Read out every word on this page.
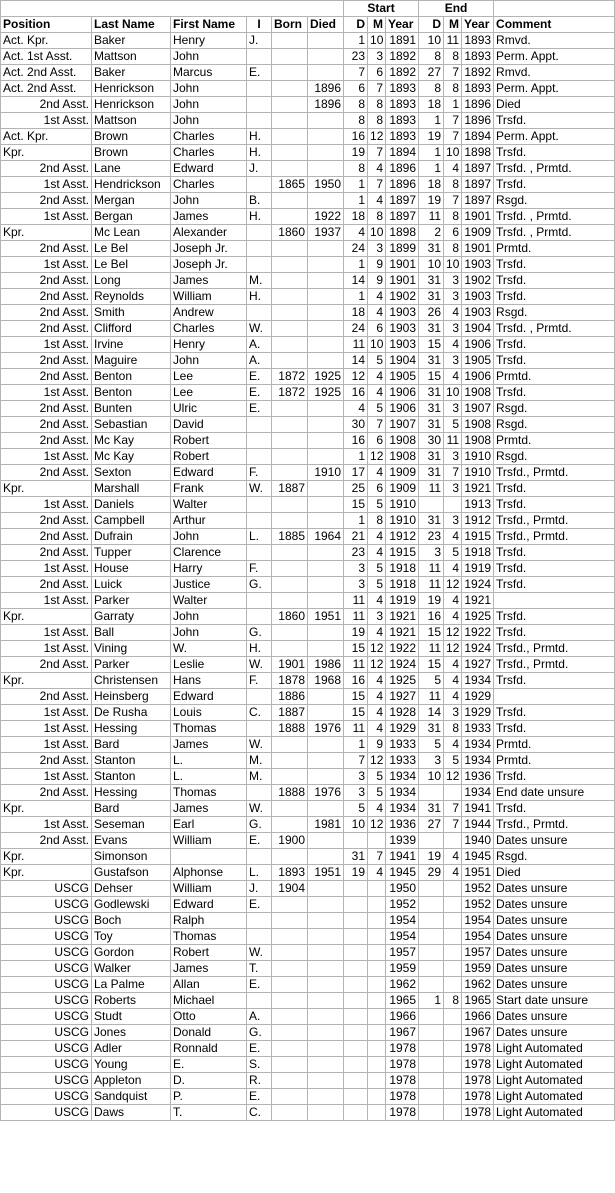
						Start			End			
Position	Last Name	First Name	I	Born	Died	D	M	Year	D	M	Year	Comment
Act. Kpr.	Baker	Henry	J.			1	10	1891	10	11	1893	Rmvd.
Act. 1st Asst.	Mattson	John				23	3	1892	8	8	1893	Perm. Appt.
Act. 2nd Asst.	Baker	Marcus	E.			7	6	1892	27	7	1892	Rmvd.
Act. 2nd Asst.	Henrickson	John			1896	6	7	1893	8	8	1893	Perm. Appt.
2nd Asst.	Henrickson	John			1896	8	8	1893	18	1	1896	Died
1st Asst.	Mattson	John				8	8	1893	1	7	1896	Trsfd.
Act. Kpr.	Brown	Charles	H.			16	12	1893	19	7	1894	Perm. Appt.
Kpr.	Brown	Charles	H.			19	7	1894	1	10	1898	Trsfd.
2nd Asst.	Lane	Edward	J.			8	4	1896	1	4	1897	Trsfd. , Prmtd.
1st Asst.	Hendrickson	Charles		1865	1950	1	7	1896	18	8	1897	Trsfd.
2nd Asst.	Mergan	John	B.			1	4	1897	19	7	1897	Rsgd.
1st Asst.	Bergan	James	H.		1922	18	8	1897	11	8	1901	Trsfd. , Prmtd.
Kpr.	Mc Lean	Alexander		1860	1937	4	10	1898	2	6	1909	Trsfd. , Prmtd.
2nd Asst.	Le Bel	Joseph Jr.				24	3	1899	31	8	1901	Prmtd.
1st Asst.	Le Bel	Joseph Jr.				1	9	1901	10	10	1903	Trsfd.
2nd Asst.	Long	James	M.			14	9	1901	31	3	1902	Trsfd.
2nd Asst.	Reynolds	William	H.			1	4	1902	31	3	1903	Trsfd.
2nd Asst.	Smith	Andrew				18	4	1903	26	4	1903	Rsgd.
2nd Asst.	Clifford	Charles	W.			24	6	1903	31	3	1904	Trsfd. , Prmtd.
1st Asst.	Irvine	Henry	A.			11	10	1903	15	4	1906	Trsfd.
2nd Asst.	Maguire	John	A.			14	5	1904	31	3	1905	Trsfd.
2nd Asst.	Benton	Lee	E.	1872	1925	12	4	1905	15	4	1906	Prmtd.
1st Asst.	Benton	Lee	E.	1872	1925	16	4	1906	31	10	1908	Trsfd.
2nd Asst.	Bunten	Ulric	E.			4	5	1906	31	3	1907	Rsgd.
2nd Asst.	Sebastian	David				30	7	1907	31	5	1908	Rsgd.
2nd Asst.	Mc Kay	Robert				16	6	1908	30	11	1908	Prmtd.
1st Asst.	Mc Kay	Robert				1	12	1908	31	3	1910	Rsgd.
2nd Asst.	Sexton	Edward	F.		1910	17	4	1909	31	7	1910	Trsfd., Prmtd.
Kpr.	Marshall	Frank	W.	1887		25	6	1909	11	3	1921	Trsfd.
1st Asst.	Daniels	Walter				15	5	1910			1913	Trsfd.
2nd Asst.	Campbell	Arthur				1	8	1910	31	3	1912	Trsfd., Prmtd.
2nd Asst.	Dufrain	John	L.	1885	1964	21	4	1912	23	4	1915	Trsfd., Prmtd.
2nd Asst.	Tupper	Clarence				23	4	1915	3	5	1918	Trsfd.
1st Asst.	House	Harry	F.			3	5	1918	11	4	1919	Trsfd.
2nd Asst.	Luick	Justice	G.			3	5	1918	11	12	1924	Trsfd.
1st Asst.	Parker	Walter				11	4	1919	19	4	1921	
Kpr.	Garraty	John		1860	1951	11	3	1921	16	4	1925	Trsfd.
1st Asst.	Ball	John	G.			19	4	1921	15	12	1922	Trsfd.
1st Asst.	Vining	W.	H.			15	12	1922	11	12	1924	Trsfd., Prmtd.
2nd Asst.	Parker	Leslie	W.	1901	1986	11	12	1924	15	4	1927	Trsfd., Prmtd.
Kpr.	Christensen	Hans	F.	1878	1968	16	4	1925	5	4	1934	Trsfd.
2nd Asst.	Heinsberg	Edward		1886		15	4	1927	11	4	1929	
1st Asst.	De Rusha	Louis	C.	1887		15	4	1928	14	3	1929	Trsfd.
1st Asst.	Hessing	Thomas		1888	1976	11	4	1929	31	8	1933	Trsfd.
1st Asst.	Bard	James	W.			1	9	1933	5	4	1934	Prmtd.
2nd Asst.	Stanton	L.	M.			7	12	1933	3	5	1934	Prmtd.
1st Asst.	Stanton	L.	M.			3	5	1934	10	12	1936	Trsfd.
2nd Asst.	Hessing	Thomas		1888	1976	3	5	1934			1934	End date unsure
Kpr.	Bard	James	W.			5	4	1934	31	7	1941	Trsfd.
1st Asst.	Seseman	Earl	G.		1981	10	12	1936	27	7	1944	Trsfd., Prmtd.
2nd Asst.	Evans	William	E.	1900				1939			1940	Dates unsure
Kpr.	Simonson					31	7	1941	19	4	1945	Rsgd.
Kpr.	Gustafson	Alphonse	L.	1893	1951	19	4	1945	29	4	1951	Died
USCG	Dehser	William	J.	1904				1950			1952	Dates unsure
USCG	Godlewski	Edward	E.					1952			1952	Dates unsure
USCG	Boch	Ralph						1954			1954	Dates unsure
USCG	Toy	Thomas						1954			1954	Dates unsure
USCG	Gordon	Robert	W.					1957			1957	Dates unsure
USCG	Walker	James	T.					1959			1959	Dates unsure
USCG	La Palme	Allan	E.					1962			1962	Dates unsure
USCG	Roberts	Michael						1965	1	8	1965	Start date unsure
USCG	Studt	Otto	A.					1966			1966	Dates unsure
USCG	Jones	Donald	G.					1967			1967	Dates unsure
USCG	Adler	Ronnald	E.					1978			1978	Light Automated
USCG	Young	E.	S.					1978			1978	Light Automated
USCG	Appleton	D.	R.					1978			1978	Light Automated
USCG	Sandquist	P.	E.					1978			1978	Light Automated
USCG	Daws	T.	C.					1978			1978	Light Automated
